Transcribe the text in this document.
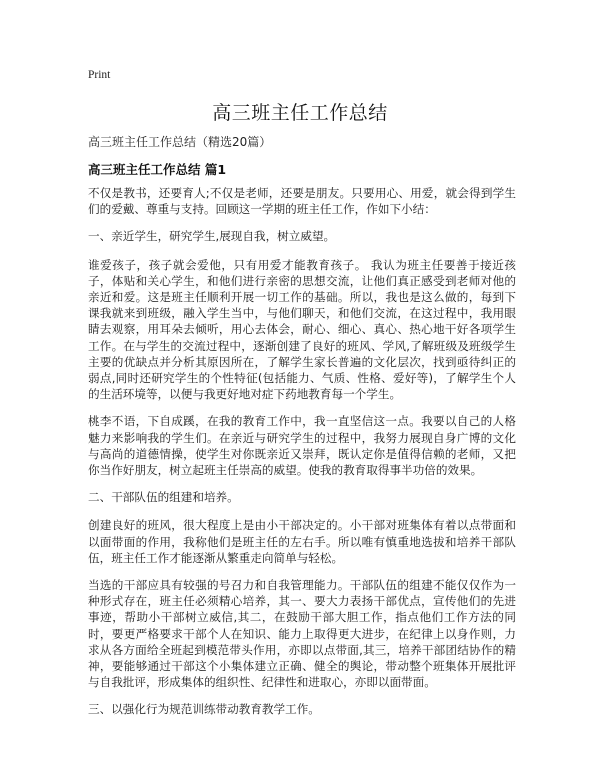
Print
高三班主任工作总结
高三班主任工作总结（精选20篇）
高三班主任工作总结 篇1

不仅是教书，还要育人;不仅是老师，还要是朋友。只要用心、用爱，就会得到学生们的爱戴、尊重与支持。回顾这一学期的班主任工作，作如下小结：

一、亲近学生，研究学生,展现自我，树立威望。

谁爱孩子，孩子就会爱他，只有用爱才能教育孩子。 我认为班主任要善于接近孩子，体贴和关心学生，和他们进行亲密的思想交流，让他们真正感受到老师对他的亲近和爱。这是班主任顺利开展一切工作的基础。所以，我也是这么做的，每到下课我就来到班级，融入学生当中，与他们聊天，和他们交流，在这过程中，我用眼睛去观察，用耳朵去倾听，用心去体会，耐心、细心、真心、热心地干好各项学生工作。在与学生的交流过程中，逐渐创建了良好的班风、学风,了解班级及班级学生主要的优缺点并分析其原因所在，了解学生家长普遍的文化层次，找到亟待纠正的弱点,同时还研究学生的个性特征(包括能力、气质、性格、爱好等)，了解学生个人的生活环境等，以便与我更好地对症下药地教育每一个学生。

桃李不语，下自成蹊，在我的教育工作中，我一直坚信这一点。我要以自己的人格魅力来影响我的学生们。在亲近与研究学生的过程中，我努力展现自身广博的文化与高尚的道德情操，使学生对你既亲近又崇拜，既认定你是值得信赖的老师，又把你当作好朋友，树立起班主任崇高的威望。使我的教育取得事半功倍的效果。

二、干部队伍的组建和培养。

创建良好的班风，很大程度上是由小干部决定的。小干部对班集体有着以点带面和以面带面的作用，我称他们是班主任的左右手。所以唯有慎重地选拔和培养干部队伍，班主任工作才能逐渐从繁重走向简单与轻松。

当选的干部应具有较强的号召力和自我管理能力。干部队伍的组建不能仅仅作为一种形式存在，班主任必须精心培养，其一、要大力表扬干部优点，宣传他们的先进事迹，帮助小干部树立威信,其二，在鼓励干部大胆工作，指点他们工作方法的同时，要更严格要求干部个人在知识、能力上取得更大进步，在纪律上以身作则，力求从各方面给全班起到模范带头作用，亦即以点带面,其三，培养干部团结协作的精神，要能够通过干部这个小集体建立正确、健全的舆论，带动整个班集体开展批评与自我批评，形成集体的组织性、纪律性和进取心，亦即以面带面。

三、以强化行为规范训练带动教育教学工作。
